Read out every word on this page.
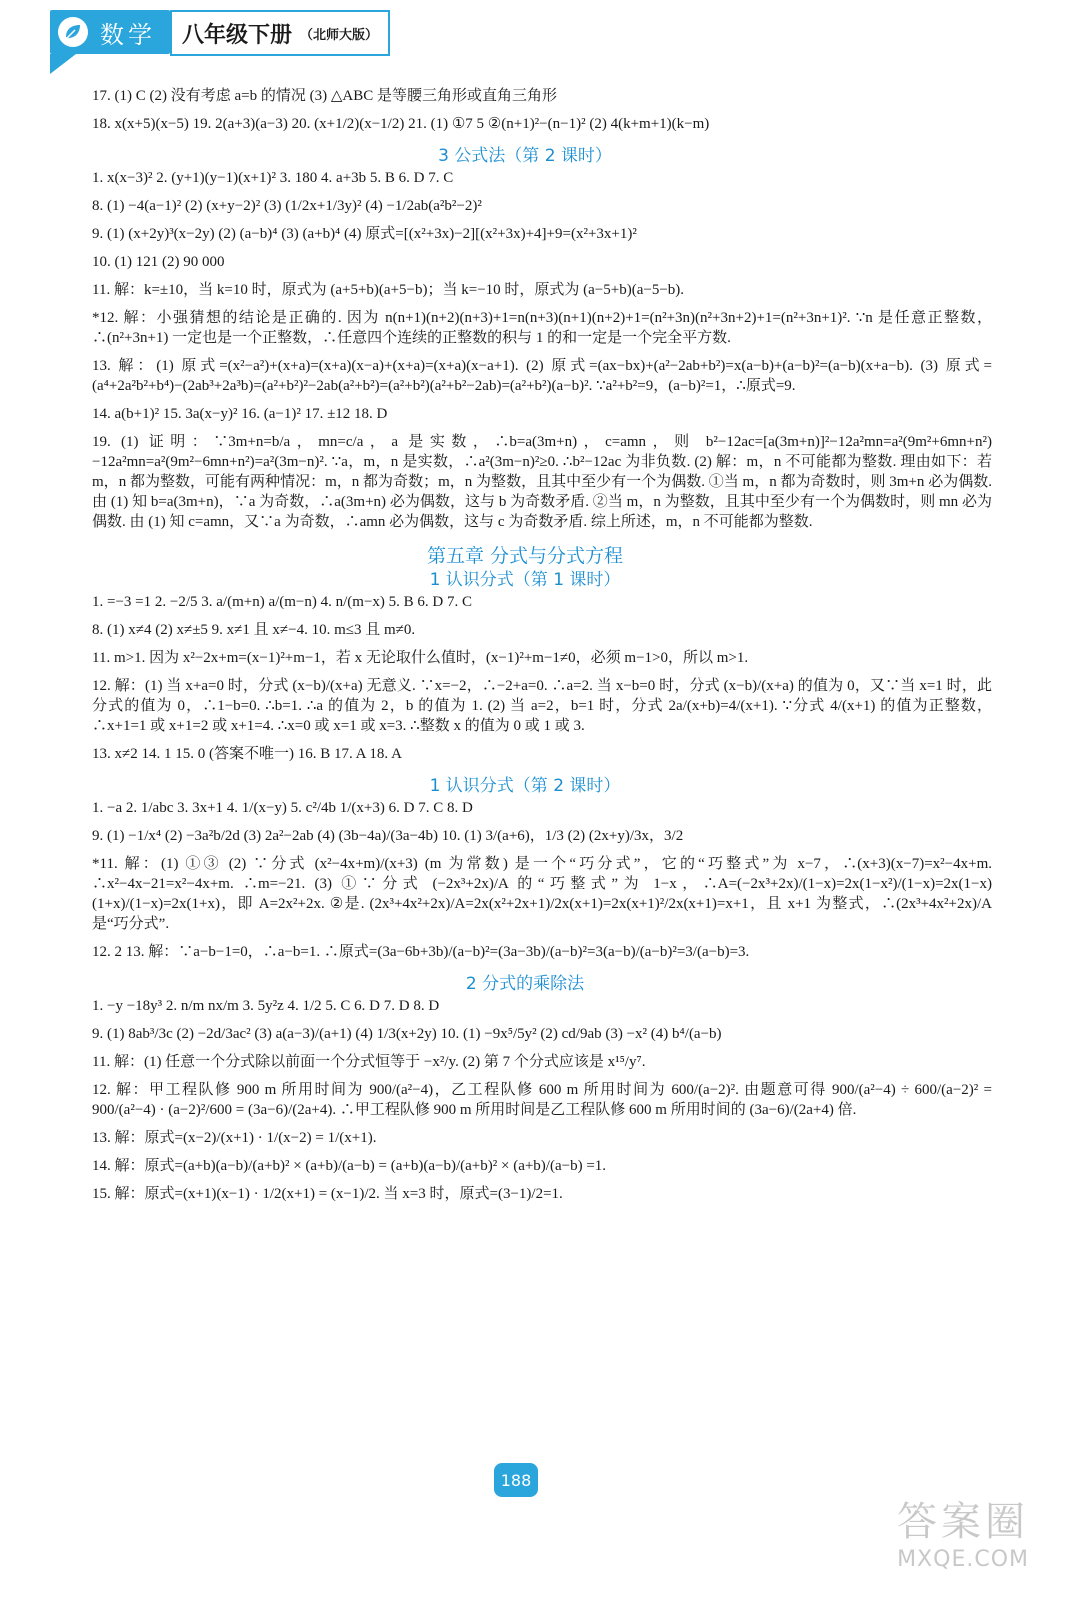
数学 八年级下册 （北师大版）
17. (1) C (2) 没有考虑 a=b 的情况 (3) △ABC 是等腰三角形或直角三角形
18. x(x+5)(x−5) 19. 2(a+3)(a−3) 20. (x+1/2)(x−1/2) 21. (1) ①7 5 ②(n+1)²−(n−1)² (2) 4(k+m+1)(k−m)
3 公式法（第 2 课时）
1. x(x−3)² 2. (y+1)(y−1)(x+1)² 3. 180 4. a+3b 5. B 6. D 7. C
8. (1) −4(a−1)² (2) (x+y−2)² (3) (1/2x+1/3y)² (4) −1/2ab(a²b²−2)²
9. (1) (x+2y)³(x−2y) (2) (a−b)⁴ (3) (a+b)⁴ (4) 原式=[(x²+3x)−2][(x²+3x)+4]+9=(x²+3x+1)²
10. (1) 121 (2) 90 000
11. 解：k=±10，当 k=10 时，原式为 (a+5+b)(a+5−b)；当 k=−10 时，原式为 (a−5+b)(a−5−b).
*12. 解：小强猜想的结论是正确的. 因为 n(n+1)(n+2)(n+3)+1=n(n+3)(n+1)(n+2)+1=(n²+3n)(n²+3n+2)+1=(n²+3n+1)². ∵n 是任意正整数，∴(n²+3n+1) 一定也是一个正整数，∴任意四个连续的正整数的积与 1 的和一定是一个完全平方数.
13. 解：(1) 原式=(x²−a²)+(x+a)=(x+a)(x−a)+(x+a)=(x+a)(x−a+1). (2) 原式=(ax−bx)+(a²−2ab+b²)=x(a−b)+(a−b)²=(a−b)(x+a−b). (3) 原式=(a⁴+2a²b²+b⁴)−(2ab³+2a³b)=(a²+b²)²−2ab(a²+b²)=(a²+b²)(a²+b²−2ab)=(a²+b²)(a−b)². ∵a²+b²=9，(a−b)²=1，∴原式=9.
14. a(b+1)² 15. 3a(x−y)² 16. (a−1)² 17. ±12 18. D
19. (1) 证明：∵3m+n=b/a，mn=c/a，a 是实数，∴b=a(3m+n)，c=amn，则 b²−12ac=[a(3m+n)]²−12a²mn=a²(9m²+6mn+n²)−12a²mn=a²(9m²−6mn+n²)=a²(3m−n)². ∵a，m，n 是实数，∴a²(3m−n)²≥0. ∴b²−12ac 为非负数. (2) 解：m，n 不可能都为整数. 理由如下：若 m，n 都为整数，可能有两种情况：m，n 都为奇数；m，n 为整数，且其中至少有一个为偶数. ①当 m，n 都为奇数时，则 3m+n 必为偶数. 由 (1) 知 b=a(3m+n)，∵a 为奇数，∴a(3m+n) 必为偶数，这与 b 为奇数矛盾. ②当 m，n 为整数，且其中至少有一个为偶数时，则 mn 必为偶数. 由 (1) 知 c=amn，又∵a 为奇数，∴amn 必为偶数，这与 c 为奇数矛盾. 综上所述，m，n 不可能都为整数.
第五章 分式与分式方程
1 认识分式（第 1 课时）
1. =−3 =1 2. −2/5 3. a/(m+n) a/(m−n) 4. n/(m−x) 5. B 6. D 7. C
8. (1) x≠4 (2) x≠±5 9. x≠1 且 x≠−4. 10. m≤3 且 m≠0.
11. m>1. 因为 x²−2x+m=(x−1)²+m−1，若 x 无论取什么值时，(x−1)²+m−1≠0，必须 m−1>0，所以 m>1.
12. 解：(1) 当 x+a=0 时，分式 (x−b)/(x+a) 无意义. ∵x=−2，∴−2+a=0. ∴a=2. 当 x−b=0 时，分式 (x−b)/(x+a) 的值为 0，又∵当 x=1 时，此分式的值为 0，∴1−b=0. ∴b=1. ∴a 的值为 2，b 的值为 1. (2) 当 a=2，b=1 时，分式 2a/(x+b)=4/(x+1). ∵分式 4/(x+1) 的值为正整数，∴x+1=1 或 x+1=2 或 x+1=4. ∴x=0 或 x=1 或 x=3. ∴整数 x 的值为 0 或 1 或 3.
13. x≠2 14. 1 15. 0 (答案不唯一) 16. B 17. A 18. A
1 认识分式（第 2 课时）
1. −a 2. 1/abc 3. 3x+1 4. 1/(x−y) 5. c²/4b 1/(x+3) 6. D 7. C 8. D
9. (1) −1/x⁴ (2) −3a²b/2d (3) 2a²−2ab (4) (3b−4a)/(3a−4b) 10. (1) 3/(a+6)，1/3 (2) (2x+y)/3x，3/2
*11. 解：(1) ①③ (2) ∵分式 (x²−4x+m)/(x+3) (m 为常数) 是一个“巧分式”，它的“巧整式”为 x−7，∴(x+3)(x−7)=x²−4x+m. ∴x²−4x−21=x²−4x+m. ∴m=−21. (3) ①∵分式 (−2x³+2x)/A 的“巧整式”为 1−x，∴A=(−2x³+2x)/(1−x)=2x(1−x²)/(1−x)=2x(1−x)(1+x)/(1−x)=2x(1+x)，即 A=2x²+2x. ②是. (2x³+4x²+2x)/A=2x(x²+2x+1)/2x(x+1)=2x(x+1)²/2x(x+1)=x+1，且 x+1 为整式，∴(2x³+4x²+2x)/A 是“巧分式”.
12. 2 13. 解：∵a−b−1=0，∴a−b=1. ∴原式=(3a−6b+3b)/(a−b)²=(3a−3b)/(a−b)²=3(a−b)/(a−b)²=3/(a−b)=3.
2 分式的乘除法
1. −y −18y³ 2. n/m nx/m 3. 5y²z 4. 1/2 5. C 6. D 7. D 8. D
9. (1) 8ab³/3c (2) −2d/3ac² (3) a(a−3)/(a+1) (4) 1/3(x+2y) 10. (1) −9x⁵/5y² (2) cd/9ab (3) −x² (4) b⁴/(a−b)
11. 解：(1) 任意一个分式除以前面一个分式恒等于 −x²/y. (2) 第 7 个分式应该是 x¹⁵/y⁷.
12. 解：甲工程队修 900 m 所用时间为 900/(a²−4)，乙工程队修 600 m 所用时间为 600/(a−2)². 由题意可得 900/(a²−4) ÷ 600/(a−2)² = 900/(a²−4) · (a−2)²/600 = (3a−6)/(2a+4). ∴甲工程队修 900 m 所用时间是乙工程队修 600 m 所用时间的 (3a−6)/(2a+4) 倍.
13. 解：原式=(x−2)/(x+1) · 1/(x−2) = 1/(x+1).
14. 解：原式=(a+b)(a−b)/(a+b)² × (a+b)/(a−b) = (a+b)(a−b)/(a+b)² × (a+b)/(a−b) =1.
15. 解：原式=(x+1)(x−1) · 1/2(x+1) = (x−1)/2. 当 x=3 时，原式=(3−1)/2=1.
188
答案圈
MXQE.COM
